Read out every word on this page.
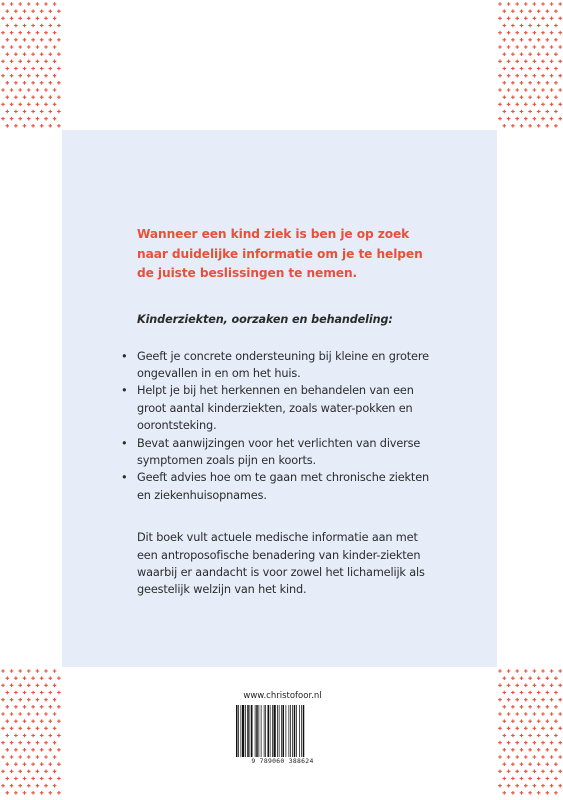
Wanneer een kind ziek is ben je op zoek naar duidelijke informatie om je te helpen de juiste beslissingen te nemen.

Kinderziekten, oorzaken en behandeling:

• Geeft je concrete ondersteuning bij kleine en grotere ongevallen in en om het huis.
• Helpt je bij het herkennen en behandelen van een groot aantal kinderziekten, zoals water-pokken en oorontsteking.
• Bevat aanwijzingen voor het verlichten van diverse symptomen zoals pijn en koorts.
• Geeft advies hoe om te gaan met chronische ziekten en ziekenhuisopnames.

Dit boek vult actuele medische informatie aan met een antroposofische benadering van kinder-ziekten waarbij er aandacht is voor zowel het lichamelijk als geestelijk welzijn van het kind.

www.christofoor.nl
9 789060 388624
